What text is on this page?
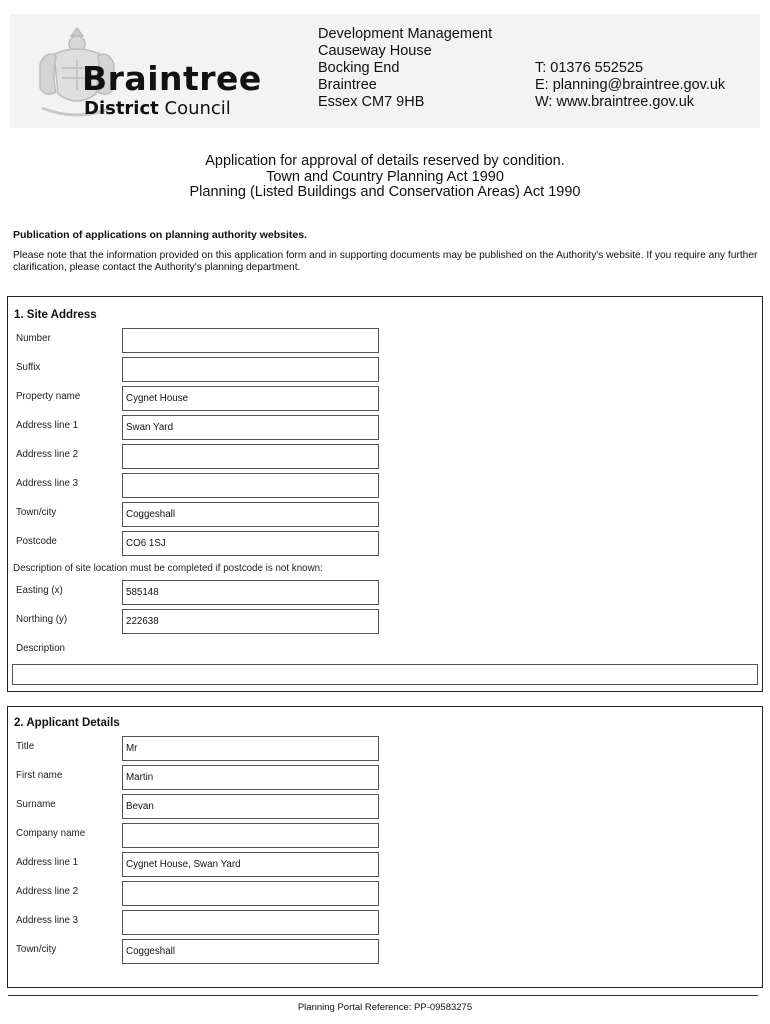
Braintree
District Council
Development Management
Causeway House
Bocking End
Braintree
Essex CM7 9HB
T: 01376 552525
E: planning@braintree.gov.uk
W: www.braintree.gov.uk
Application for approval of details reserved by condition.
Town and Country Planning Act 1990
Planning (Listed Buildings and Conservation Areas) Act 1990
Publication of applications on planning authority websites.
Please note that the information provided on this application form and in supporting documents may be published on the Authority's website. If you require any further clarification, please contact the Authority's planning department.
1. Site Address
Number
Suffix
Property name	Cygnet House
Address line 1	Swan Yard
Address line 2
Address line 3
Town/city	Coggeshall
Postcode	CO6 1SJ
Description of site location must be completed if postcode is not known:
Easting (x)	585148
Northing (y)	222638
Description
2. Applicant Details
Title	Mr
First name	Martin
Surname	Bevan
Company name
Address line 1	Cygnet House, Swan Yard
Address line 2
Address line 3
Town/city	Coggeshall
Planning Portal Reference: PP-09583275
